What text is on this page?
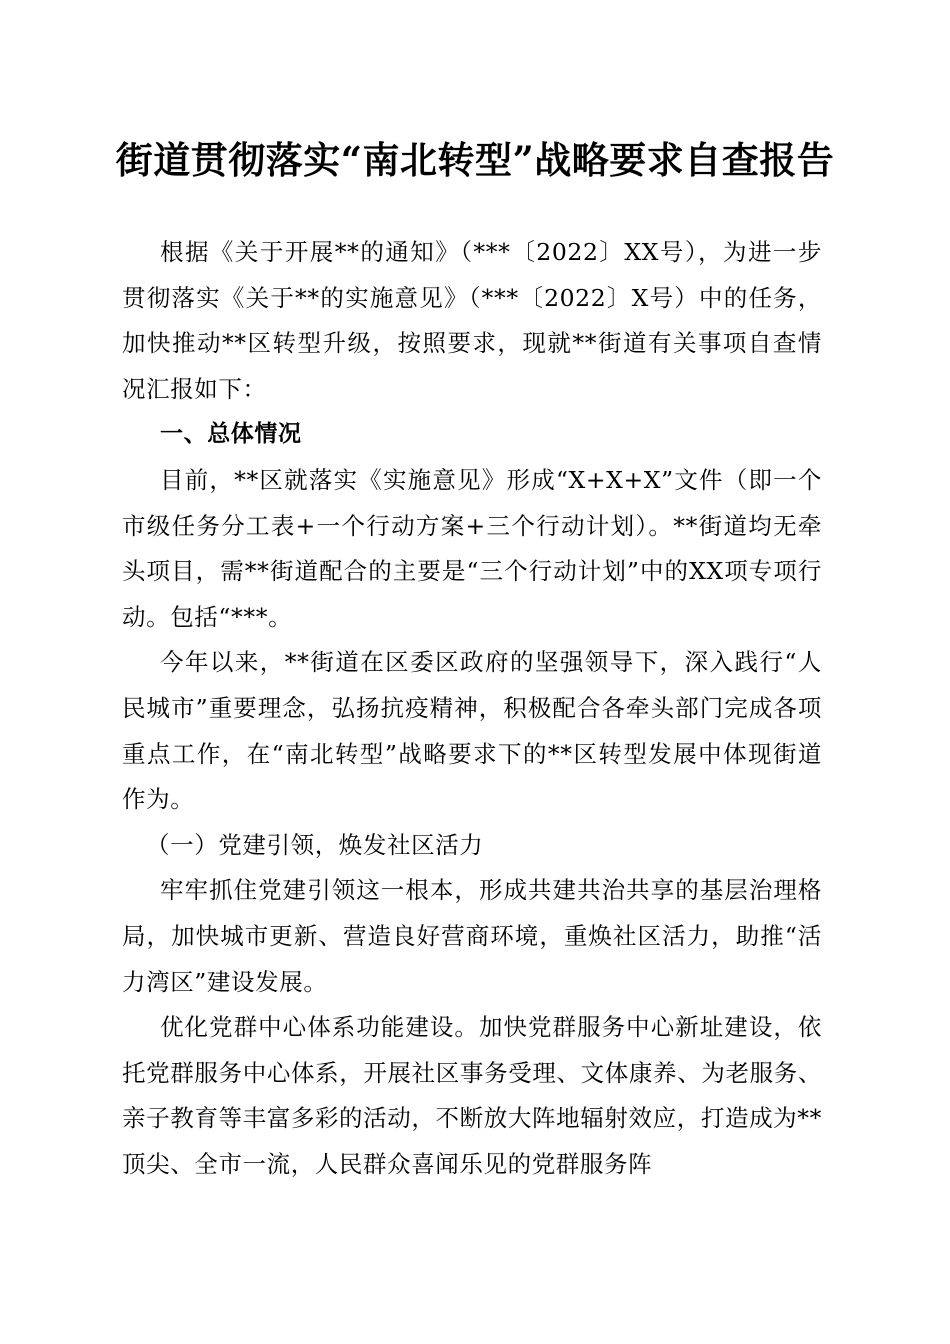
街道贯彻落实“南北转型”战略要求自查报告

根据《关于开展**的通知》（***〔2022〕XX号），为进一步贯彻落实《关于**的实施意见》（***〔2022〕X号）中的任务，加快推动**区转型升级，按照要求，现就**街道有关事项自查情况汇报如下：

一、总体情况

目前，**区就落实《实施意见》形成“X+X+X”文件（即一个市级任务分工表+一个行动方案+三个行动计划）。**街道均无牵头项目，需**街道配合的主要是“三个行动计划”中的XX项专项行动。包括“***。

今年以来，**街道在区委区政府的坚强领导下，深入践行“人民城市”重要理念，弘扬抗疫精神，积极配合各牵头部门完成各项重点工作，在“南北转型”战略要求下的**区转型发展中体现街道作为。

（一）党建引领，焕发社区活力

牢牢抓住党建引领这一根本，形成共建共治共享的基层治理格局，加快城市更新、营造良好营商环境，重焕社区活力，助推“活力湾区”建设发展。

优化党群中心体系功能建设。加快党群服务中心新址建设，依托党群服务中心体系，开展社区事务受理、文体康养、为老服务、亲子教育等丰富多彩的活动，不断放大阵地辐射效应，打造成为**顶尖、全市一流，人民群众喜闻乐见的党群服务阵
